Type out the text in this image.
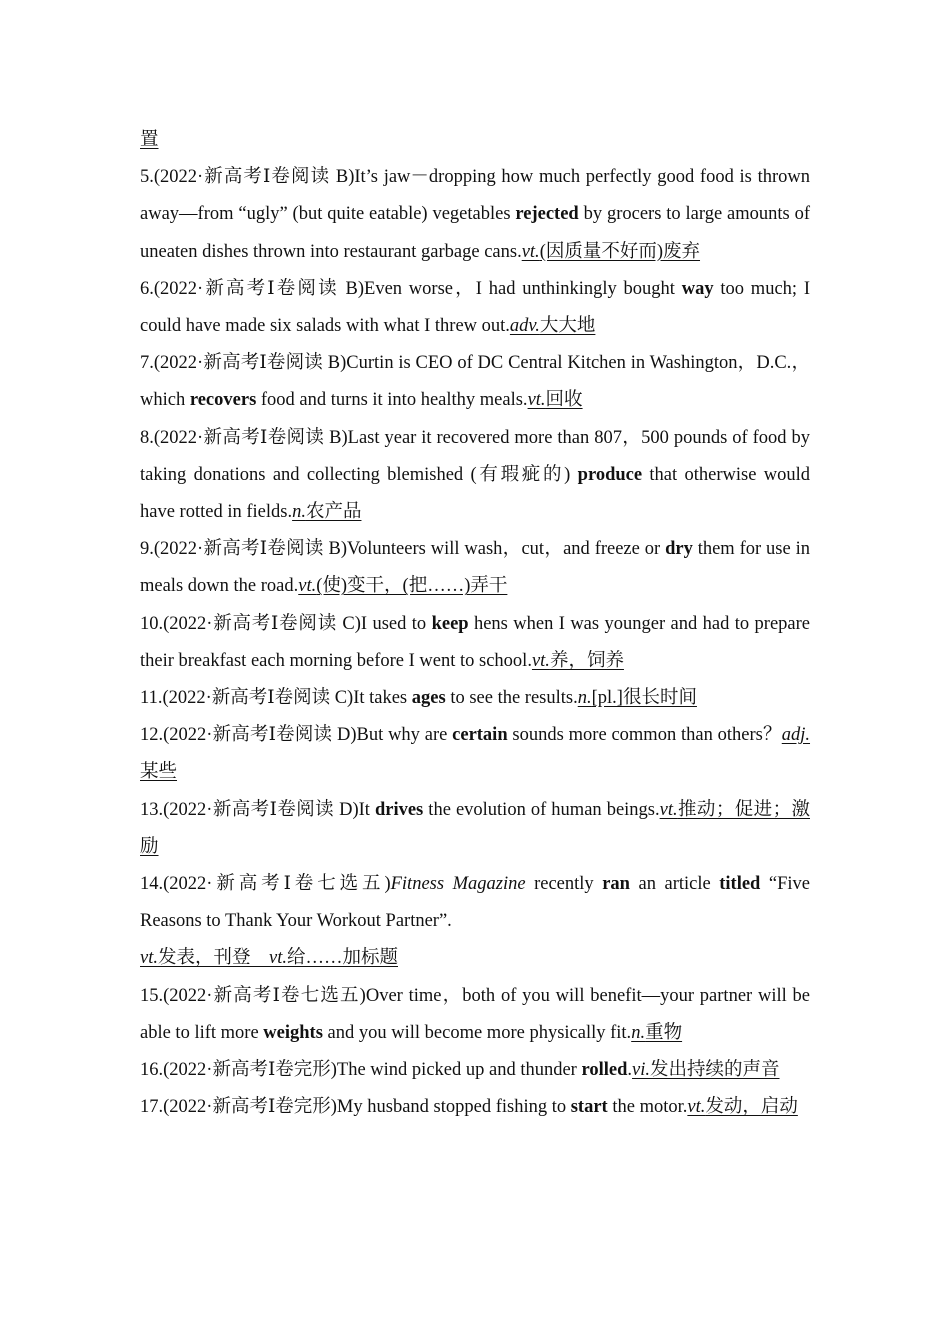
置

5.(2022·新高考Ⅰ卷阅读 B)It’s jaw－dropping how much perfectly good food is thrown away—from “ugly” (but quite eatable) vegetables rejected by grocers to large amounts of uneaten dishes thrown into restaurant garbage cans.vt.(因质量不好而)废弃

6.(2022·新高考Ⅰ卷阅读 B)Even worse，I had unthinkingly bought way too much; I could have made six salads with what I threw out.adv.大大地

7.(2022·新高考Ⅰ卷阅读 B)Curtin is CEO of DC Central Kitchen in Washington，D.C.，which recovers food and turns it into healthy meals.vt.回收

8.(2022·新高考Ⅰ卷阅读 B)Last year it recovered more than 807，500 pounds of food by taking donations and collecting blemished (有瑕疵的) produce that otherwise would have rotted in fields.n.农产品

9.(2022·新高考Ⅰ卷阅读 B)Volunteers will wash，cut，and freeze or dry them for use in meals down the road.vt.(使)变干，(把……)弄干

10.(2022·新高考Ⅰ卷阅读 C)I used to keep hens when I was younger and had to prepare their breakfast each morning before I went to school.vt.养，饲养

11.(2022·新高考Ⅰ卷阅读 C)It takes ages to see the results.n.[pl.]很长时间

12.(2022·新高考Ⅰ卷阅读 D)But why are certain sounds more common than others？adj.某些

13.(2022·新高考Ⅰ卷阅读 D)It drives the evolution of human beings.vt.推动；促进；激励

14.(2022·新高考Ⅰ卷七选五)Fitness Magazine recently ran an article titled “Five Reasons to Thank Your Workout Partner”.

vt.发表，刊登 vt.给……加标题

15.(2022·新高考Ⅰ卷七选五)Over time，both of you will benefit—your partner will be able to lift more weights and you will become more physically fit.n.重物

16.(2022·新高考Ⅰ卷完形)The wind picked up and thunder rolled.vi.发出持续的声音

17.(2022·新高考Ⅰ卷完形)My husband stopped fishing to start the motor.vt.发动，启动
